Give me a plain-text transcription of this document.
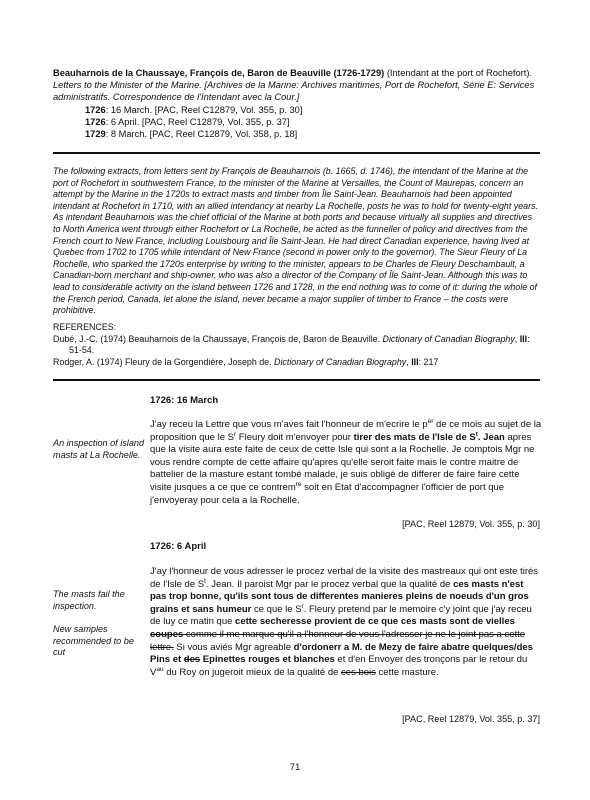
Beauharnois de la Chaussaye, François de, Baron de Beauville (1726-1729) (Intendant at the port of Rochefort). Letters to the Minister of the Marine. [Archives de la Marine: Archives maritimes, Port de Rochefort, Série E: Services administratifs. Correspondence de l'Intendant avec la Cour.]

1726: 16 March. [PAC, Reel C12879, Vol. 355, p. 30]

1726: 6 April. [PAC, Reel C12879, Vol. 355, p. 37]

1729: 8 March. [PAC, Reel C12879, Vol. 358, p. 18]

The following extracts, from letters sent by François de Beauharnois (b. 1665, d. 1746), the intendant of the Marine at the port of Rochefort in southwestern France, to the minister of the Marine at Versailles, the Count of Maurepas, concern an attempt by the Marine in the 1720s to extract masts and timber from Île Saint-Jean. Beauharnois had been appointed intendant at Rochefort in 1710, with an allied intendancy at nearby La Rochelle, posts he was to hold for twenty-eight years. As intendant Beauharnois was the chief official of the Marine at both ports and because virtually all supplies and directives to North America went through either Rochefort or La Rochelle, he acted as the funneller of policy and directives from the French court to New France, including Louisbourg and Île Saint-Jean. He had direct Canadian experience, having lived at Quebec from 1702 to 1705 while intendant of New France (second in power only to the governor). The Sieur Fleury of La Rochelle, who sparked the 1720s enterprise by writing to the minister, appears to be Charles de Fleury Deschambault, a Canadian-born merchant and ship-owner, who was also a director of the Company of Île Saint-Jean. Although this was to lead to considerable activity on the island between 1726 and 1728, in the end nothing was to come of it: during the whole of the French period, Canada, let alone the island, never became a major supplier of timber to France – the costs were prohibitive.

REFERENCES:

Dubé, J.-C. (1974) Beauharnois de la Chaussaye, François de, Baron de Beauville. Dictionary of Canadian Biography, III: 51-54.

Rodger, A. (1974) Fleury de la Gorgendière, Joseph de. Dictionary of Canadian Biography, III: 217

1726: 16 March
An inspection of island masts at La Rochelle.
J'ay receu la Lettre que vous m'aves fait l'honneur de m'ecrire le $p^{er}$ de ce mois au sujet de la proposition que le $S^r$ Fleury doit m'envoyer pour tirer des mats de l'Isle de $S^t$. Jean apres que la visite aura este faite de ceux de cette Isle qui sont a la Rochelle. Je comptois Mgr ne vous rendre compte de cette affaire qu'apres qu'elle seroit faite mais le contre maitre de battelier de la masture estant tombé malade, je suis obligé de differer de faire faire cette visite jusques a ce que ce contrem$^{re}$ soit en Etat d'accompagner l'officier de port que j'envoyeray pour cela a la Rochelle.
[PAC, Reel 12879, Vol. 355, p. 30]
1726: 6 April

The masts fail the inspection.

New samples recommended to be cut

J'ay l'honneur de vous adresser le procez verbal de la visite des mastreaux qui ont este tirés de l'Isle de $S^t$. Jean. Il paroist Mgr par le procez verbal que la qualité de ces masts n'est pas trop bonne, qu'ils sont tous de differentes manieres pleins de noeuds d'un gros grains et sans humeur ce que le $S^r$. Fleury pretend par le memoire c'y joint que j'ay receu de luy ce matin que cette secheresse provient de ce que ces masts sont de vielles coupes comme il me marque qu'il a l'honneur de vous l'adresser je ne le joint pas a cette lettre. Si vous aviés Mgr agreable d'ordonerr a M. de Mezy de faire abatre quelques/des Pins et des Epinettes rouges et blanches et d'en Envoyer des tronçons par le retour du $V^{au}$ du Roy on jugeroit mieux de la qualité de ces bois cette masture.
[PAC, Reel 12879, Vol. 355, p. 37]
71
